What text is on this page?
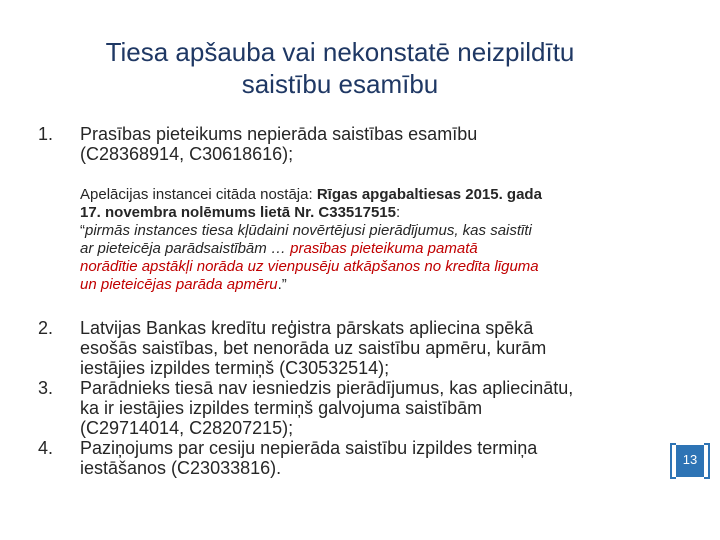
Tiesa apšauba vai nekonstatē neizpildītu
saistību esamību
1. Prasības pieteikums nepierāda saistības esamību
(C28368914, C30618616);
Apelācijas instancei citāda nostāja: Rīgas apgabaltiesas 2015. gada
17. novembra nolēmums lietā Nr. C33517515:
“pirmās instances tiesa kļūdaini novērtējusi pierādījumus, kas saistīti
ar pieteicēja parādsaistībām … prasības pieteikuma pamatā
norādītie apstākļi norāda uz vienpusēju atkāpšanos no kredīta līguma
un pieteicējas parāda apmēru.”
2. Latvijas Bankas kredītu reģistra pārskats apliecina spēkā
esošās saistības, bet nenorāda uz saistību apmēru, kurām
iestājies izpildes termiņš (C30532514);
3. Parādnieks tiesā nav iesniedzis pierādījumus, kas apliecinātu,
ka ir iestājies izpildes termiņš galvojuma saistībām
(C29714014, C28207215);
4. Paziņojums par cesiju nepierāda saistību izpildes termiņa
iestāšanos (C23033816).	13
